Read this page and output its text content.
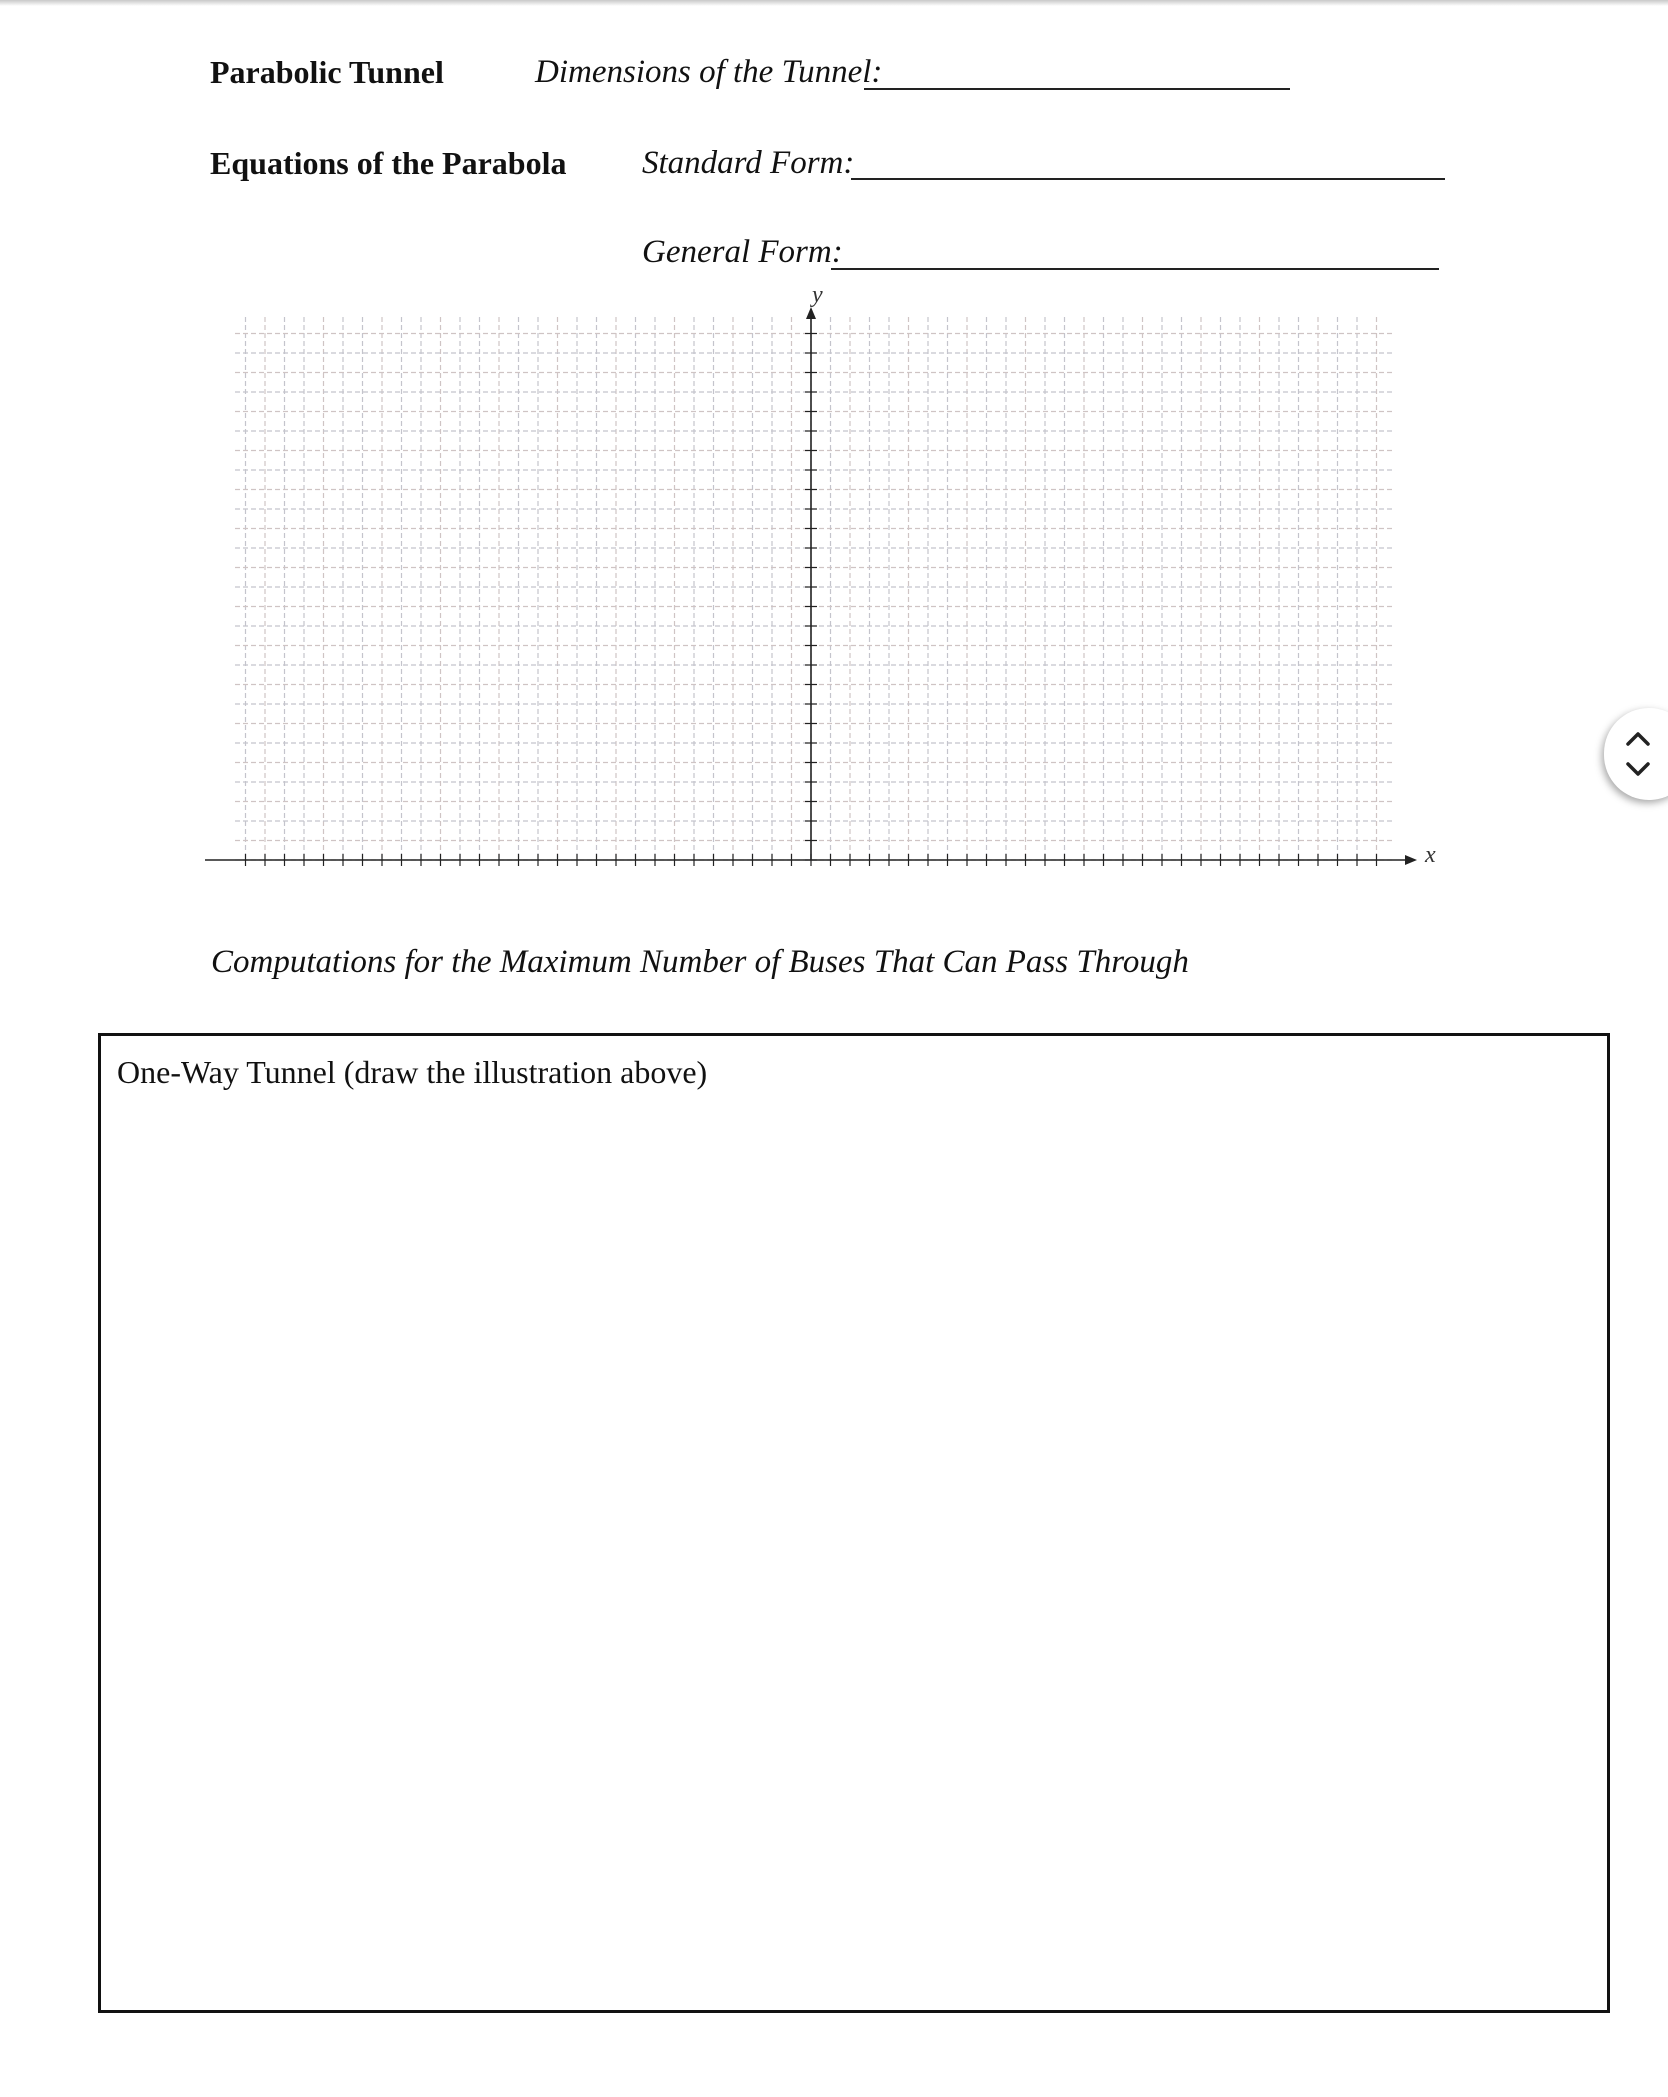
Parabolic Tunnel	Dimensions of the Tunnel:
Equations of the Parabola Standard Form:
General Form:
y
x
Computations for the Maximum Number of Buses That Can Pass Through
One-Way Tunnel (draw the illustration above)
